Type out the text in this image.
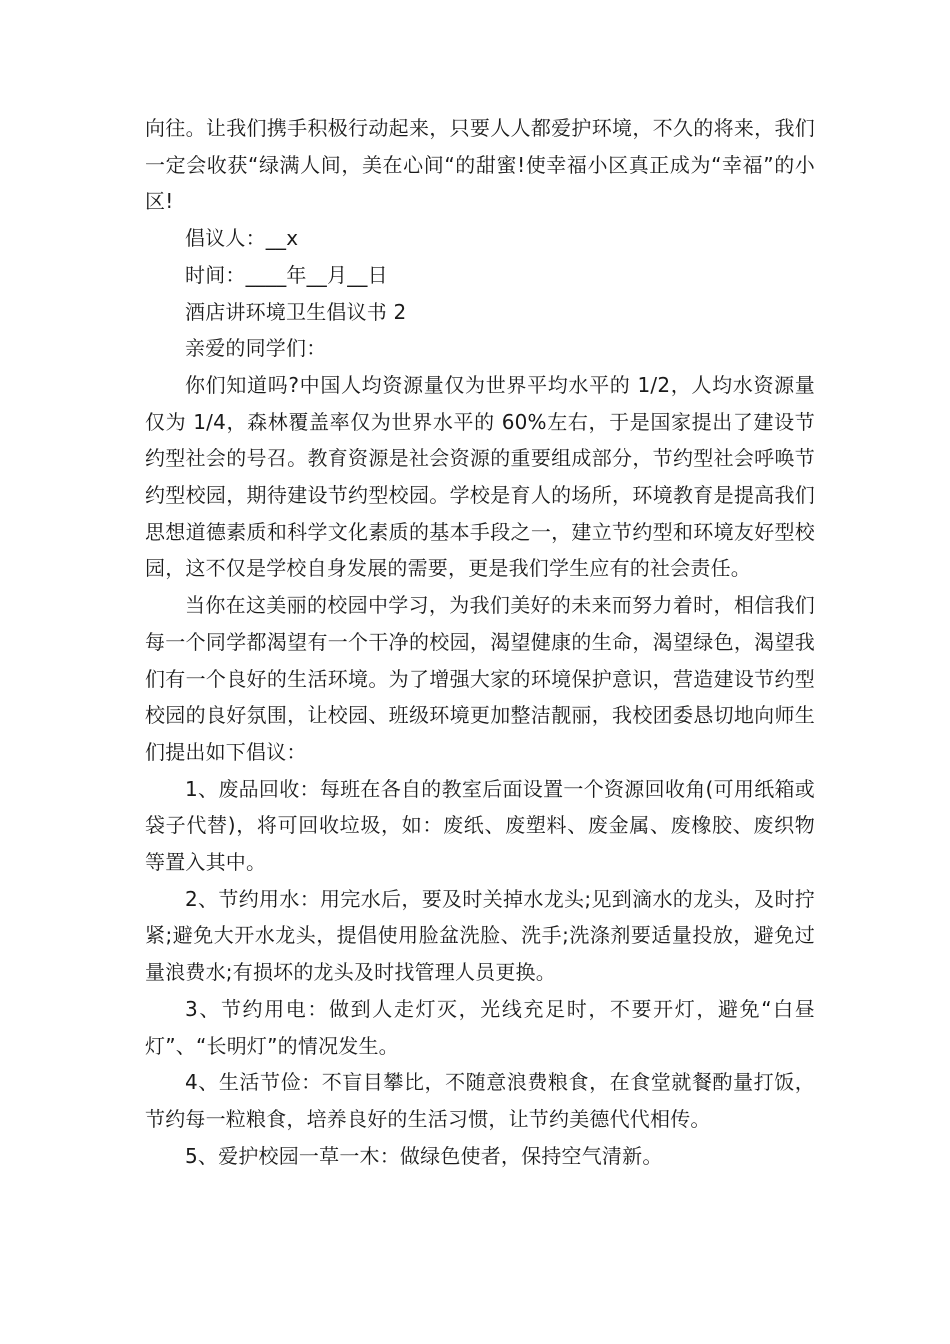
向往。让我们携手积极行动起来，只要人人都爱护环境，不久的将来，我们一定会收获“绿满人间，美在心间“的甜蜜!使幸福小区真正成为“幸福”的小区!

倡议人：__x

时间：____年__月__日

酒店讲环境卫生倡议书 2

亲爱的同学们：

你们知道吗?中国人均资源量仅为世界平均水平的 1/2，人均水资源量仅为 1/4，森林覆盖率仅为世界水平的 60%左右，于是国家提出了建设节约型社会的号召。教育资源是社会资源的重要组成部分，节约型社会呼唤节约型校园，期待建设节约型校园。学校是育人的场所，环境教育是提高我们思想道德素质和科学文化素质的基本手段之一，建立节约型和环境友好型校园，这不仅是学校自身发展的需要，更是我们学生应有的社会责任。

当你在这美丽的校园中学习，为我们美好的未来而努力着时，相信我们每一个同学都渴望有一个干净的校园，渴望健康的生命，渴望绿色，渴望我们有一个良好的生活环境。为了增强大家的环境保护意识，营造建设节约型校园的良好氛围，让校园、班级环境更加整洁靓丽，我校团委恳切地向师生们提出如下倡议：

1、废品回收：每班在各自的教室后面设置一个资源回收角(可用纸箱或袋子代替)，将可回收垃圾，如：废纸、废塑料、废金属、废橡胶、废织物等置入其中。

2、节约用水：用完水后，要及时关掉水龙头;见到滴水的龙头，及时拧紧;避免大开水龙头，提倡使用脸盆洗脸、洗手;洗涤剂要适量投放，避免过量浪费水;有损坏的龙头及时找管理人员更换。

3、节约用电：做到人走灯灭，光线充足时，不要开灯，避免“白昼灯”、“长明灯”的情况发生。

4、生活节俭：不盲目攀比，不随意浪费粮食，在食堂就餐酌量打饭，节约每一粒粮食，培养良好的生活习惯，让节约美德代代相传。

5、爱护校园一草一木：做绿色使者，保持空气清新。
